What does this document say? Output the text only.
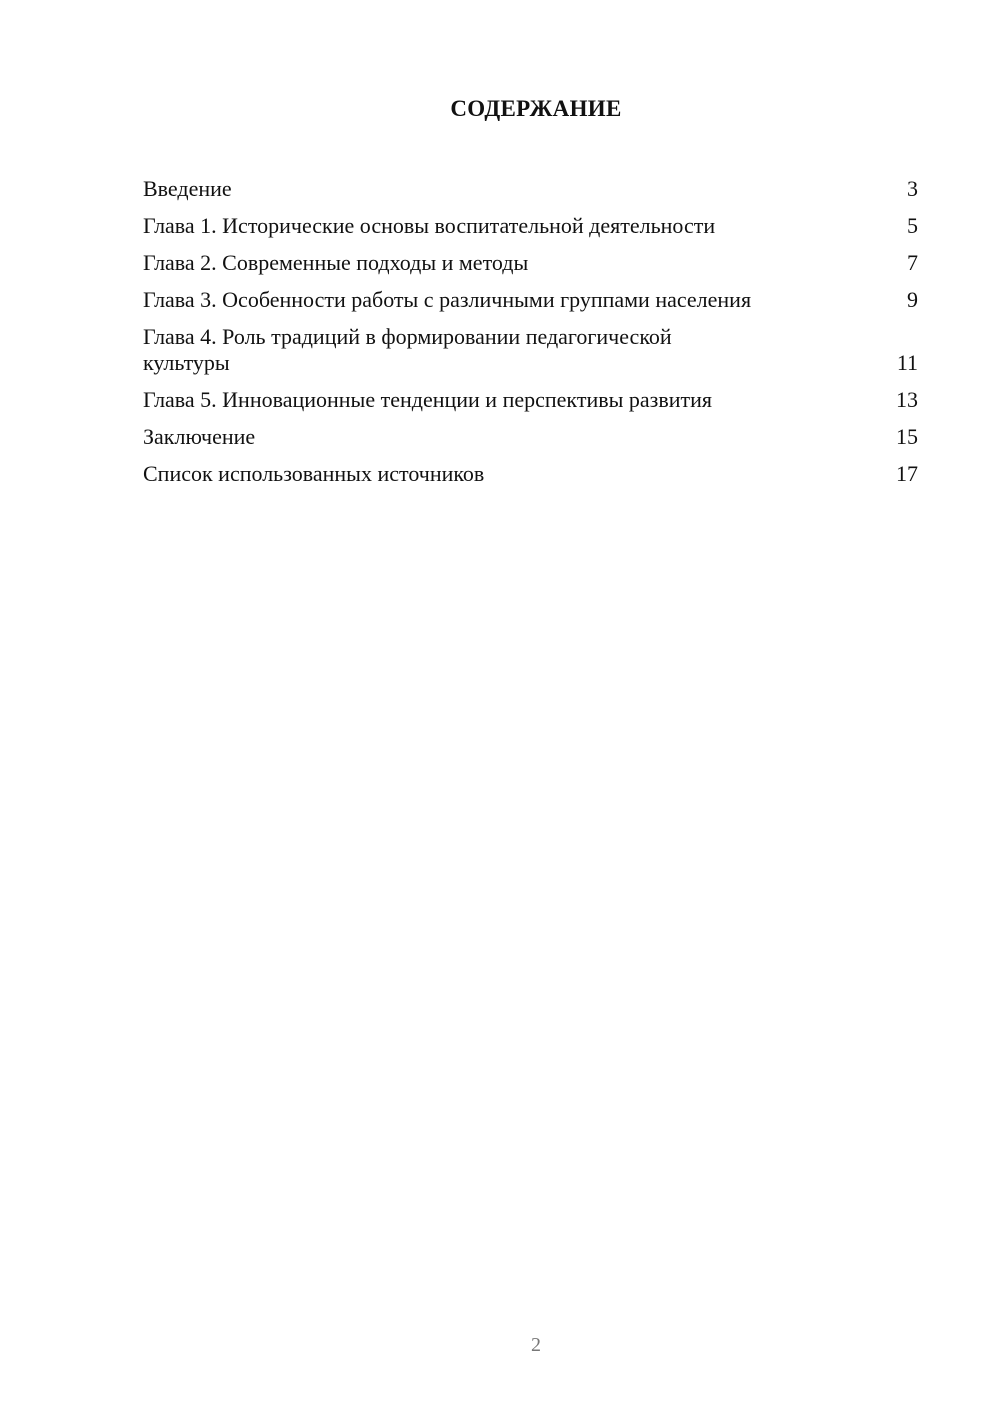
СОДЕРЖАНИЕ
Введение	3
Глава 1. Исторические основы воспитательной деятельности	5
Глава 2. Современные подходы и методы	7
Глава 3. Особенности работы с различными группами населения	9
Глава 4. Роль традиций в формировании педагогической культуры	11
Глава 5. Инновационные тенденции и перспективы развития	13
Заключение	15
Список использованных источников	17
2
